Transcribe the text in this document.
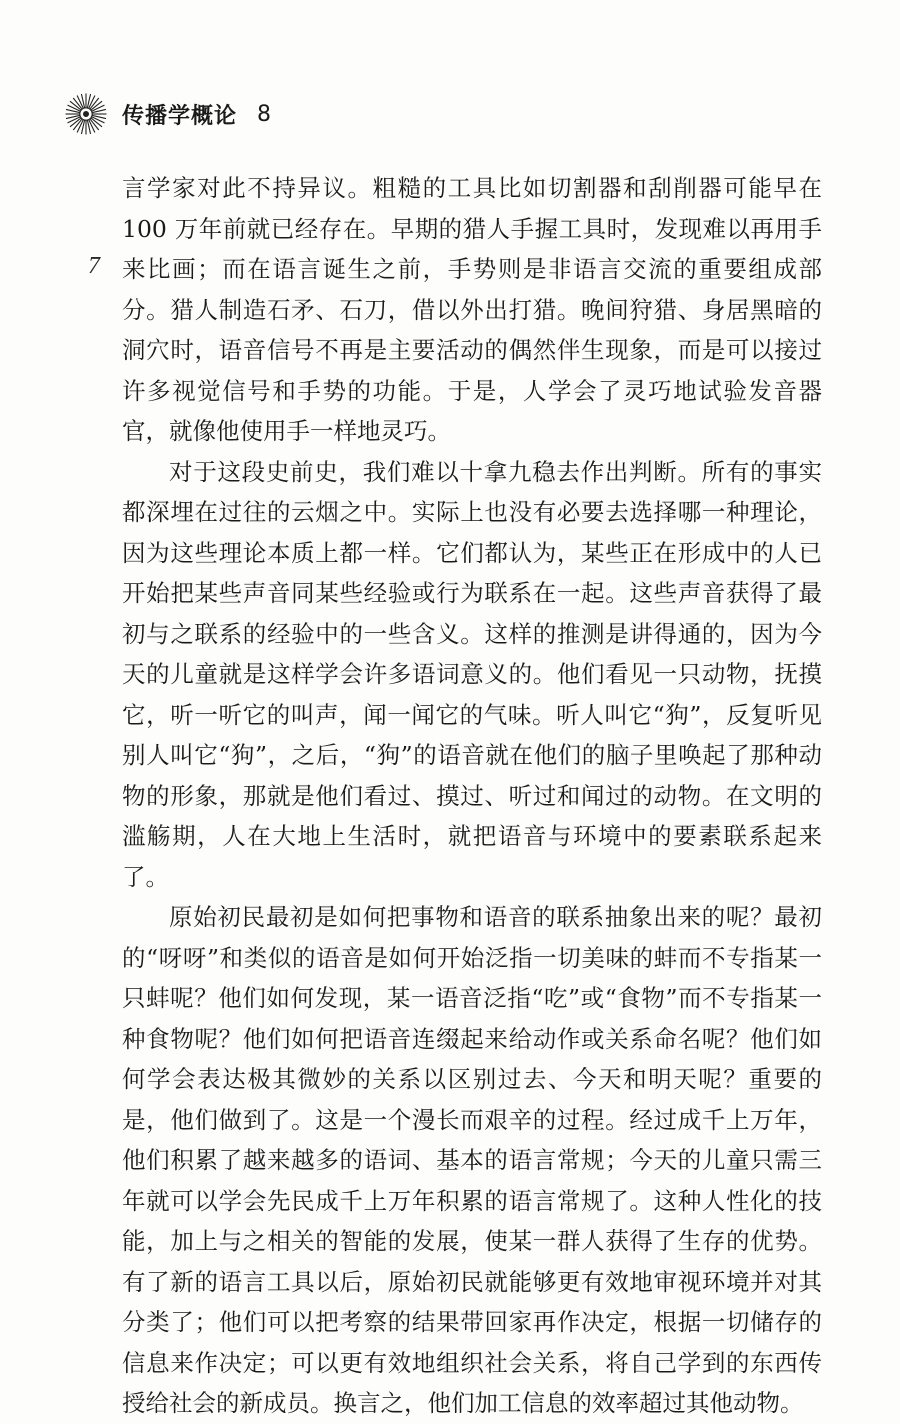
传播学概论 8
7

言学家对此不持异议。粗糙的工具比如切割器和刮削器可能早在 100 万年前就已经存在。早期的猎人手握工具时，发现难以再用手来比画；而在语言诞生之前，手势则是非语言交流的重要组成部分。猎人制造石矛、石刀，借以外出打猎。晚间狩猎、身居黑暗的洞穴时，语音信号不再是主要活动的偶然伴生现象，而是可以接过许多视觉信号和手势的功能。于是，人学会了灵巧地试验发音器官，就像他使用手一样地灵巧。

对于这段史前史，我们难以十拿九稳去作出判断。所有的事实都深埋在过往的云烟之中。实际上也没有必要去选择哪一种理论，因为这些理论本质上都一样。它们都认为，某些正在形成中的人已开始把某些声音同某些经验或行为联系在一起。这些声音获得了最初与之联系的经验中的一些含义。这样的推测是讲得通的，因为今天的儿童就是这样学会许多语词意义的。他们看见一只动物，抚摸它，听一听它的叫声，闻一闻它的气味。听人叫它“狗”，反复听见别人叫它“狗”，之后，“狗”的语音就在他们的脑子里唤起了那种动物的形象，那就是他们看过、摸过、听过和闻过的动物。在文明的滥觞期，人在大地上生活时，就把语音与环境中的要素联系起来了。

原始初民最初是如何把事物和语音的联系抽象出来的呢？最初的“呀呀”和类似的语音是如何开始泛指一切美味的蚌而不专指某一只蚌呢？他们如何发现，某一语音泛指“吃”或“食物”而不专指某一种食物呢？他们如何把语音连缀起来给动作或关系命名呢？他们如何学会表达极其微妙的关系以区别过去、今天和明天呢？重要的是，他们做到了。这是一个漫长而艰辛的过程。经过成千上万年，他们积累了越来越多的语词、基本的语言常规；今天的儿童只需三年就可以学会先民成千上万年积累的语言常规了。这种人性化的技能，加上与之相关的智能的发展，使某一群人获得了生存的优势。有了新的语言工具以后，原始初民就能够更有效地审视环境并对其分类了；他们可以把考察的结果带回家再作决定，根据一切储存的信息来作决定；可以更有效地组织社会关系，将自己学到的东西传授给社会的新成员。换言之，他们加工信息的效率超过其他动物。
